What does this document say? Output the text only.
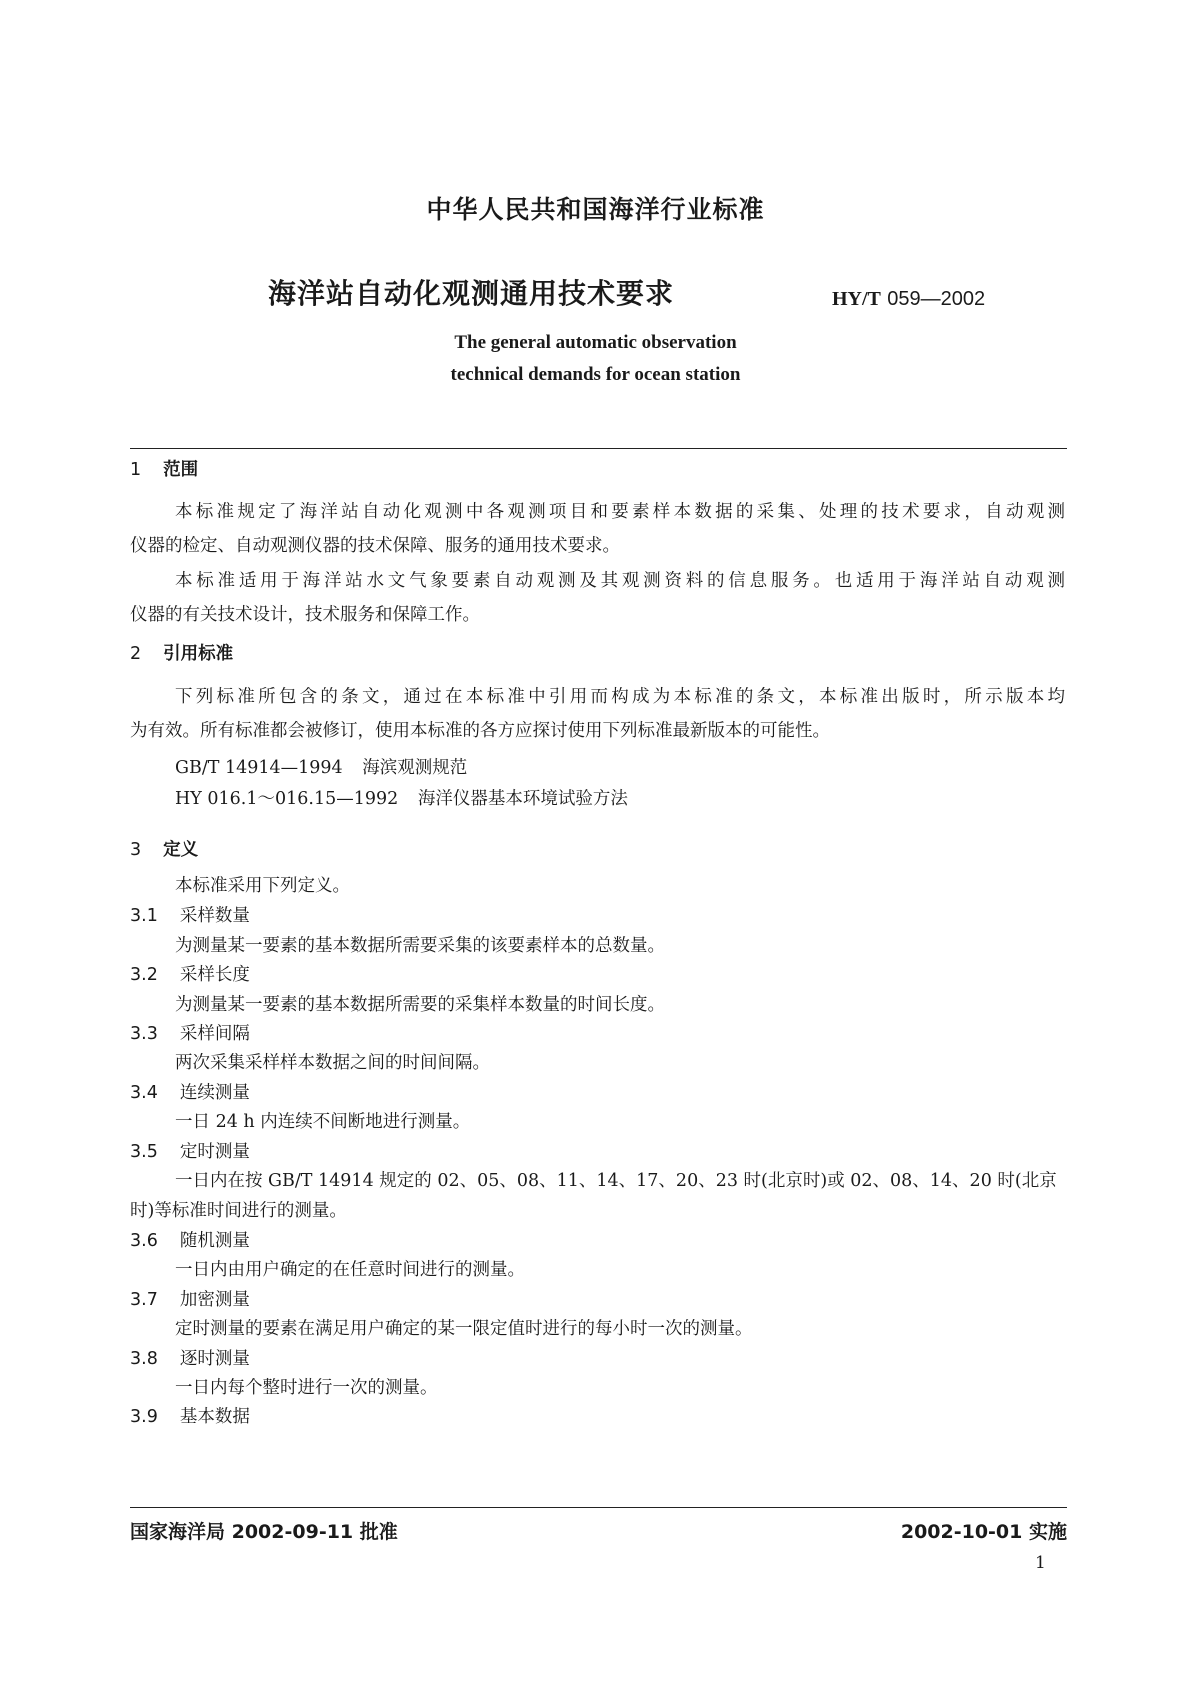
中华人民共和国海洋行业标准
海洋站自动化观测通用技术要求	HY/T 059—2002
The general automatic observation
technical demands for ocean station
1 范围

本标准规定了海洋站自动化观测中各观测项目和要素样本数据的采集、处理的技术要求，自动观测

仪器的检定、自动观测仪器的技术保障、服务的通用技术要求。

本标准适用于海洋站水文气象要素自动观测及其观测资料的信息服务。也适用于海洋站自动观测

仪器的有关技术设计，技术服务和保障工作。

2 引用标准

下列标准所包含的条文，通过在本标准中引用而构成为本标准的条文，本标准出版时，所示版本均

为有效。所有标准都会被修订，使用本标准的各方应探讨使用下列标准最新版本的可能性。

GB/T 14914—1994 海滨观测规范
HY 016.1～016.15—1992 海洋仪器基本环境试验方法
3 定义
本标准采用下列定义。
3.1 采样数量
为测量某一要素的基本数据所需要采集的该要素样本的总数量。
3.2 采样长度
为测量某一要素的基本数据所需要的采集样本数量的时间长度。
3.3 采样间隔
两次采集采样样本数据之间的时间间隔。
3.4 连续测量
一日 24 h 内连续不间断地进行测量。
3.5 定时测量
一日内在按 GB/T 14914 规定的 02、05、08、11、14、17、20、23 时(北京时)或 02、08、14、20 时(北京
时)等标准时间进行的测量。
3.6 随机测量
一日内由用户确定的在任意时间进行的测量。
3.7 加密测量
定时测量的要素在满足用户确定的某一限定值时进行的每小时一次的测量。
3.8 逐时测量
一日内每个整时进行一次的测量。
3.9 基本数据
国家海洋局 2002-09-11 批准	2002-10-01 实施
1
